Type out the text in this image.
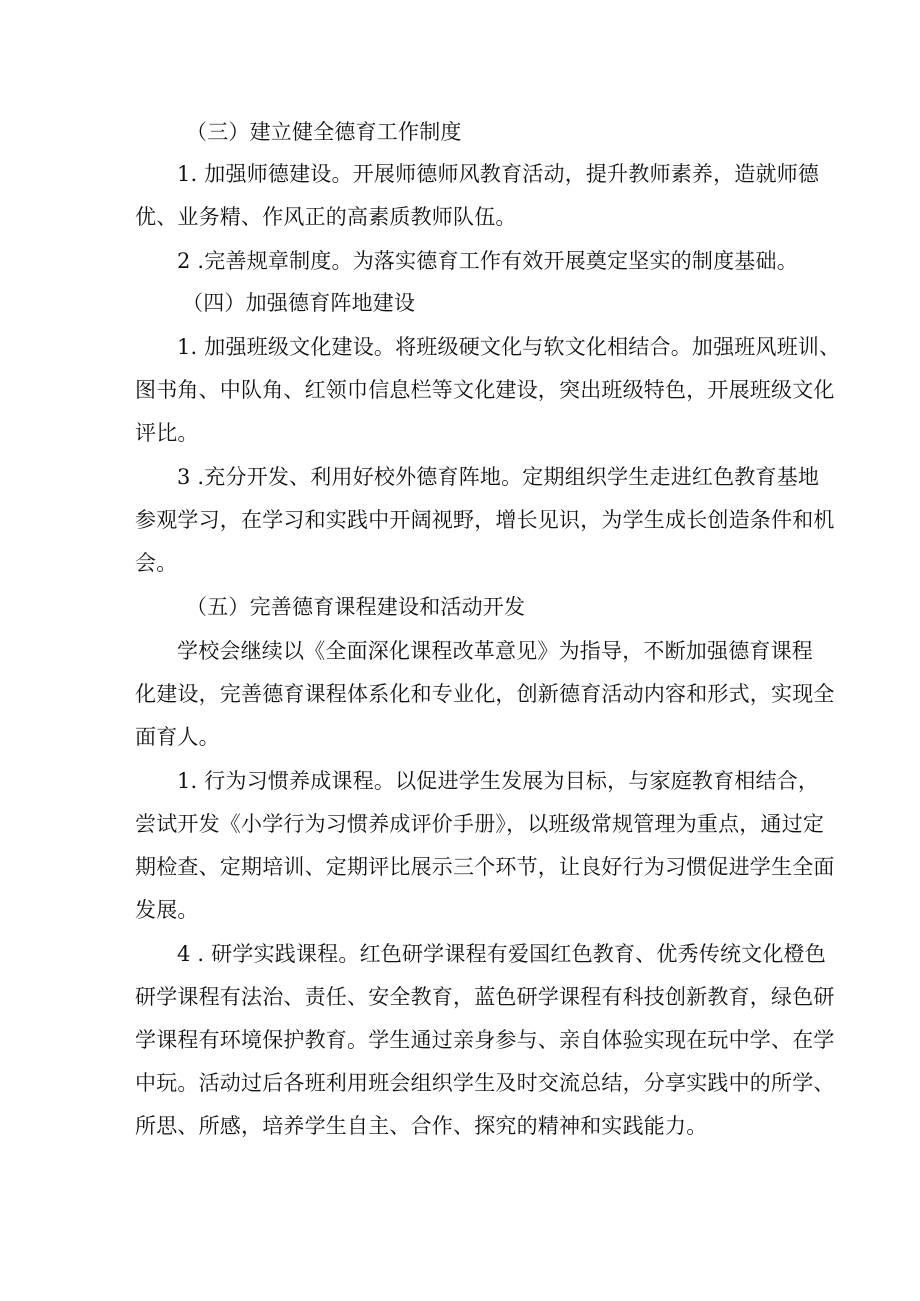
（三）建立健全德育工作制度
1. 加强师德建设。开展师德师风教育活动，提升教师素养，造就师德
优、业务精、作风正的高素质教师队伍。
2 .完善规章制度。为落实德育工作有效开展奠定坚实的制度基础。
（四）加强德育阵地建设
1. 加强班级文化建设。将班级硬文化与软文化相结合。加强班风班训、
图书角、中队角、红领巾信息栏等文化建设，突出班级特色，开展班级文化
评比。
3 .充分开发、利用好校外德育阵地。定期组织学生走进红色教育基地
参观学习，在学习和实践中开阔视野，增长见识，为学生成长创造条件和机
会。
（五）完善德育课程建设和活动开发
学校会继续以《全面深化课程改革意见》为指导，不断加强德育课程
化建设，完善德育课程体系化和专业化，创新德育活动内容和形式，实现全
面育人。
1. 行为习惯养成课程。以促进学生发展为目标，与家庭教育相结合，
尝试开发《小学行为习惯养成评价手册》，以班级常规管理为重点，通过定
期检查、定期培训、定期评比展示三个环节，让良好行为习惯促进学生全面
发展。
4 . 研学实践课程。红色研学课程有爱国红色教育、优秀传统文化橙色
研学课程有法治、责任、安全教育，蓝色研学课程有科技创新教育，绿色研
学课程有环境保护教育。学生通过亲身参与、亲自体验实现在玩中学、在学
中玩。活动过后各班利用班会组织学生及时交流总结，分享实践中的所学、
所思、所感，培养学生自主、合作、探究的精神和实践能力。
